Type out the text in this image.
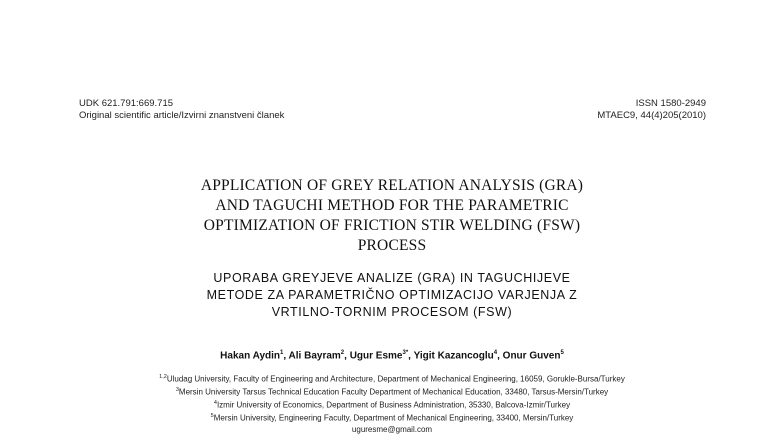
UDK 621.791:669.715
Original scientific article/Izvirni znanstveni članek
ISSN 1580-2949
MTAEC9, 44(4)205(2010)
APPLICATION OF GREY RELATION ANALYSIS (GRA)
AND TAGUCHI METHOD FOR THE PARAMETRIC
OPTIMIZATION OF FRICTION STIR WELDING (FSW)
PROCESS
UPORABA GREYJEVE ANALIZE (GRA) IN TAGUCHIJEVE
METODE ZA PARAMETRIČNO OPTIMIZACIJO VARJENJA Z
VRTILNO-TORNIM PROCESOM (FSW)
Hakan Aydin$^1$, Ali Bayram$^2$, Ugur Esme$^{3*}$, Yigit Kazancoglu$^4$, Onur Guven$^5$
$^{1,2}$Uludag University, Faculty of Engineering and Architecture, Department of Mechanical Engineering, 16059, Gorukle-Bursa/Turkey
$^3$Mersin University Tarsus Technical Education Faculty Department of Mechanical Education, 33480, Tarsus-Mersin/Turkey
$^4$Izmir University of Economics, Department of Business Administration, 35330, Balcova-Izmir/Turkey
$^5$Mersin University, Engineering Faculty, Department of Mechanical Engineering, 33400, Mersin/Turkey
uguresme@gmail.com
